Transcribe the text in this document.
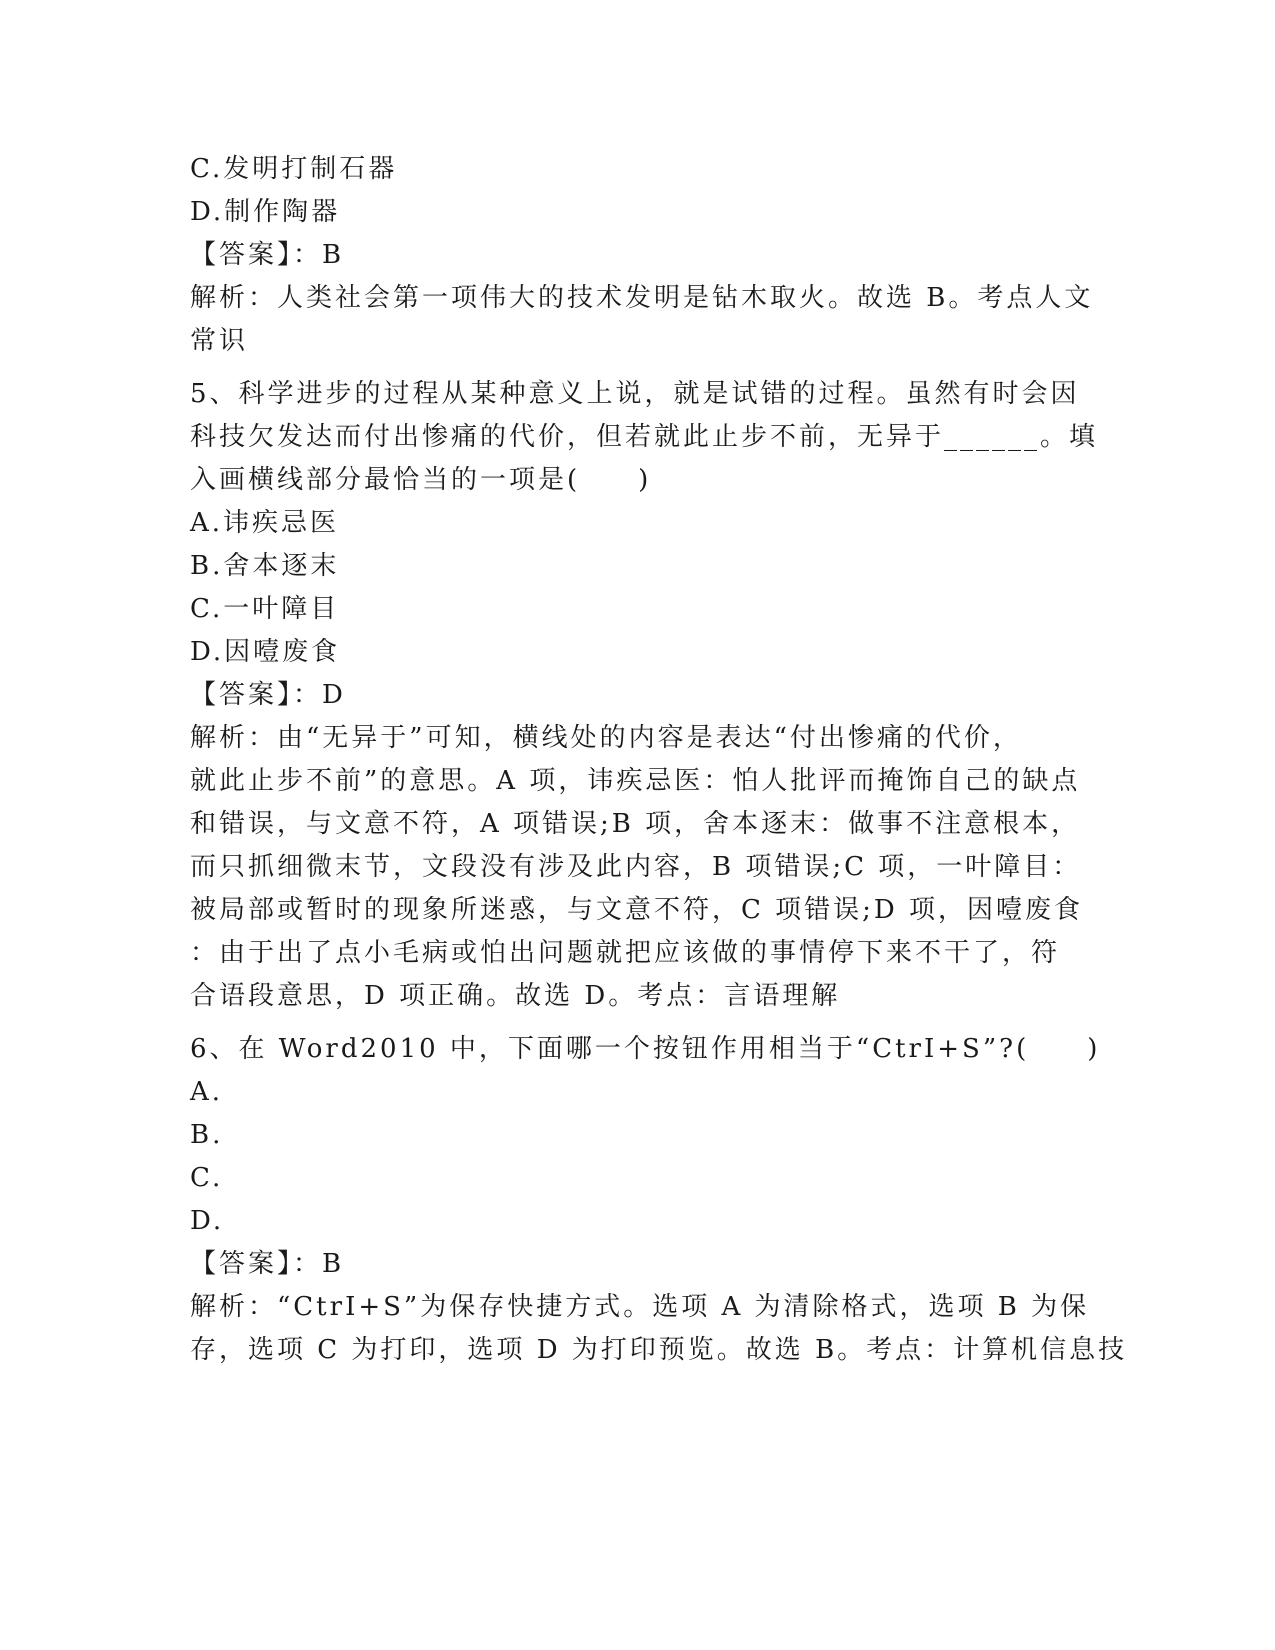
C.发明打制石器
D.制作陶器
【答案】：B
解析：人类社会第一项伟大的技术发明是钻木取火。故选 B。考点人文
常识
5、科学进步的过程从某种意义上说，就是试错的过程。虽然有时会因
科技欠发达而付出惨痛的代价，但若就此止步不前，无异于______。填
入画横线部分最恰当的一项是(　　)
A.讳疾忌医
B.舍本逐末
C.一叶障目
D.因噎废食
【答案】：D
解析：由“无异于”可知，横线处的内容是表达“付出惨痛的代价，
就此止步不前”的意思。A 项，讳疾忌医：怕人批评而掩饰自己的缺点
和错误，与文意不符，A 项错误;B 项，舍本逐末：做事不注意根本，
而只抓细微末节，文段没有涉及此内容，B 项错误;C 项，一叶障目：
被局部或暂时的现象所迷惑，与文意不符，C 项错误;D 项，因噎废食
：由于出了点小毛病或怕出问题就把应该做的事情停下来不干了，符
合语段意思，D 项正确。故选 D。考点：言语理解
6、在 Word2010 中，下面哪一个按钮作用相当于“CtrI+S”?(　　)
A.
B.
C.
D.
【答案】：B
解析：“CtrI+S”为保存快捷方式。选项 A 为清除格式，选项 B 为保
存，选项 C 为打印，选项 D 为打印预览。故选 B。考点：计算机信息技
